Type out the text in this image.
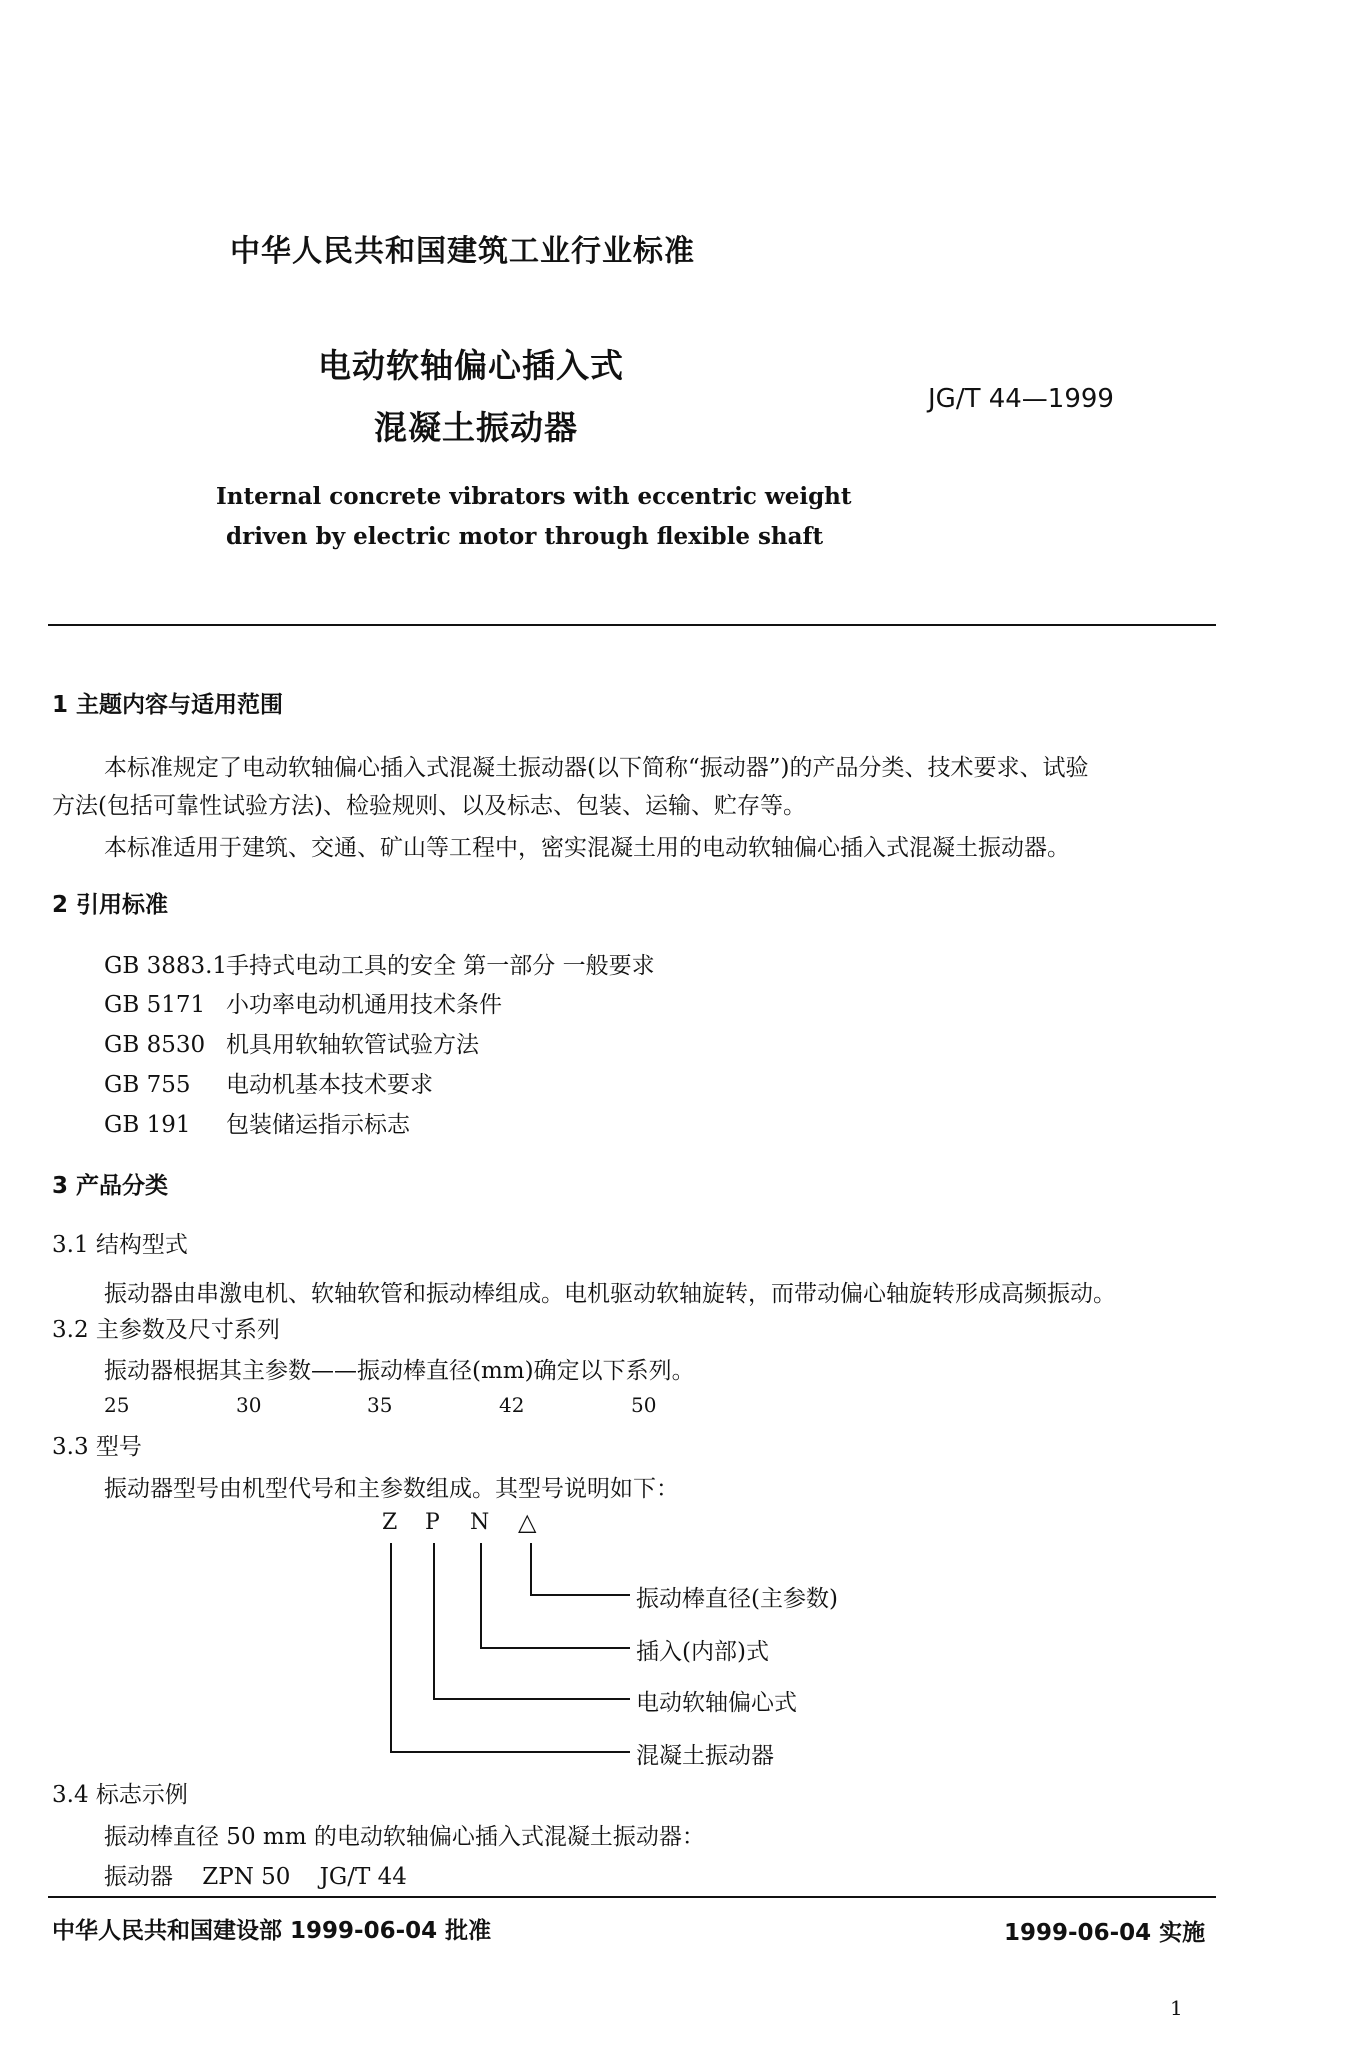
中华人民共和国建筑工业行业标准
电动软轴偏心插入式
混凝土振动器
JG/T 44—1999
Internal concrete vibrators with eccentric weight
driven by electric motor through flexible shaft
1 主题内容与适用范围
本标准规定了电动软轴偏心插入式混凝土振动器(以下简称“振动器”)的产品分类、技术要求、试验
方法(包括可靠性试验方法)、检验规则、以及标志、包装、运输、贮存等。
本标准适用于建筑、交通、矿山等工程中，密实混凝土用的电动软轴偏心插入式混凝土振动器。
2 引用标准
GB 3883.1手持式电动工具的安全 第一部分 一般要求
GB 5171 小功率电动机通用技术条件
GB 8530 机具用软轴软管试验方法
GB 755 电动机基本技术要求
GB 191 包装储运指示标志
3 产品分类
3.1 结构型式
振动器由串激电机、软轴软管和振动棒组成。电机驱动软轴旋转，而带动偏心轴旋转形成高频振动。
3.2 主参数及尺寸系列
振动器根据其主参数——振动棒直径(mm)确定以下系列。
25	30	35	42	50
3.3 型号
振动器型号由机型代号和主参数组成。其型号说明如下：
Z P N △
振动棒直径(主参数)
插入(内部)式
电动软轴偏心式
混凝土振动器
3.4 标志示例
振动棒直径 50 mm 的电动软轴偏心插入式混凝土振动器：
振动器    ZPN 50    JG/T 44
中华人民共和国建设部 1999-06-04 批准	1999-06-04 实施
1
